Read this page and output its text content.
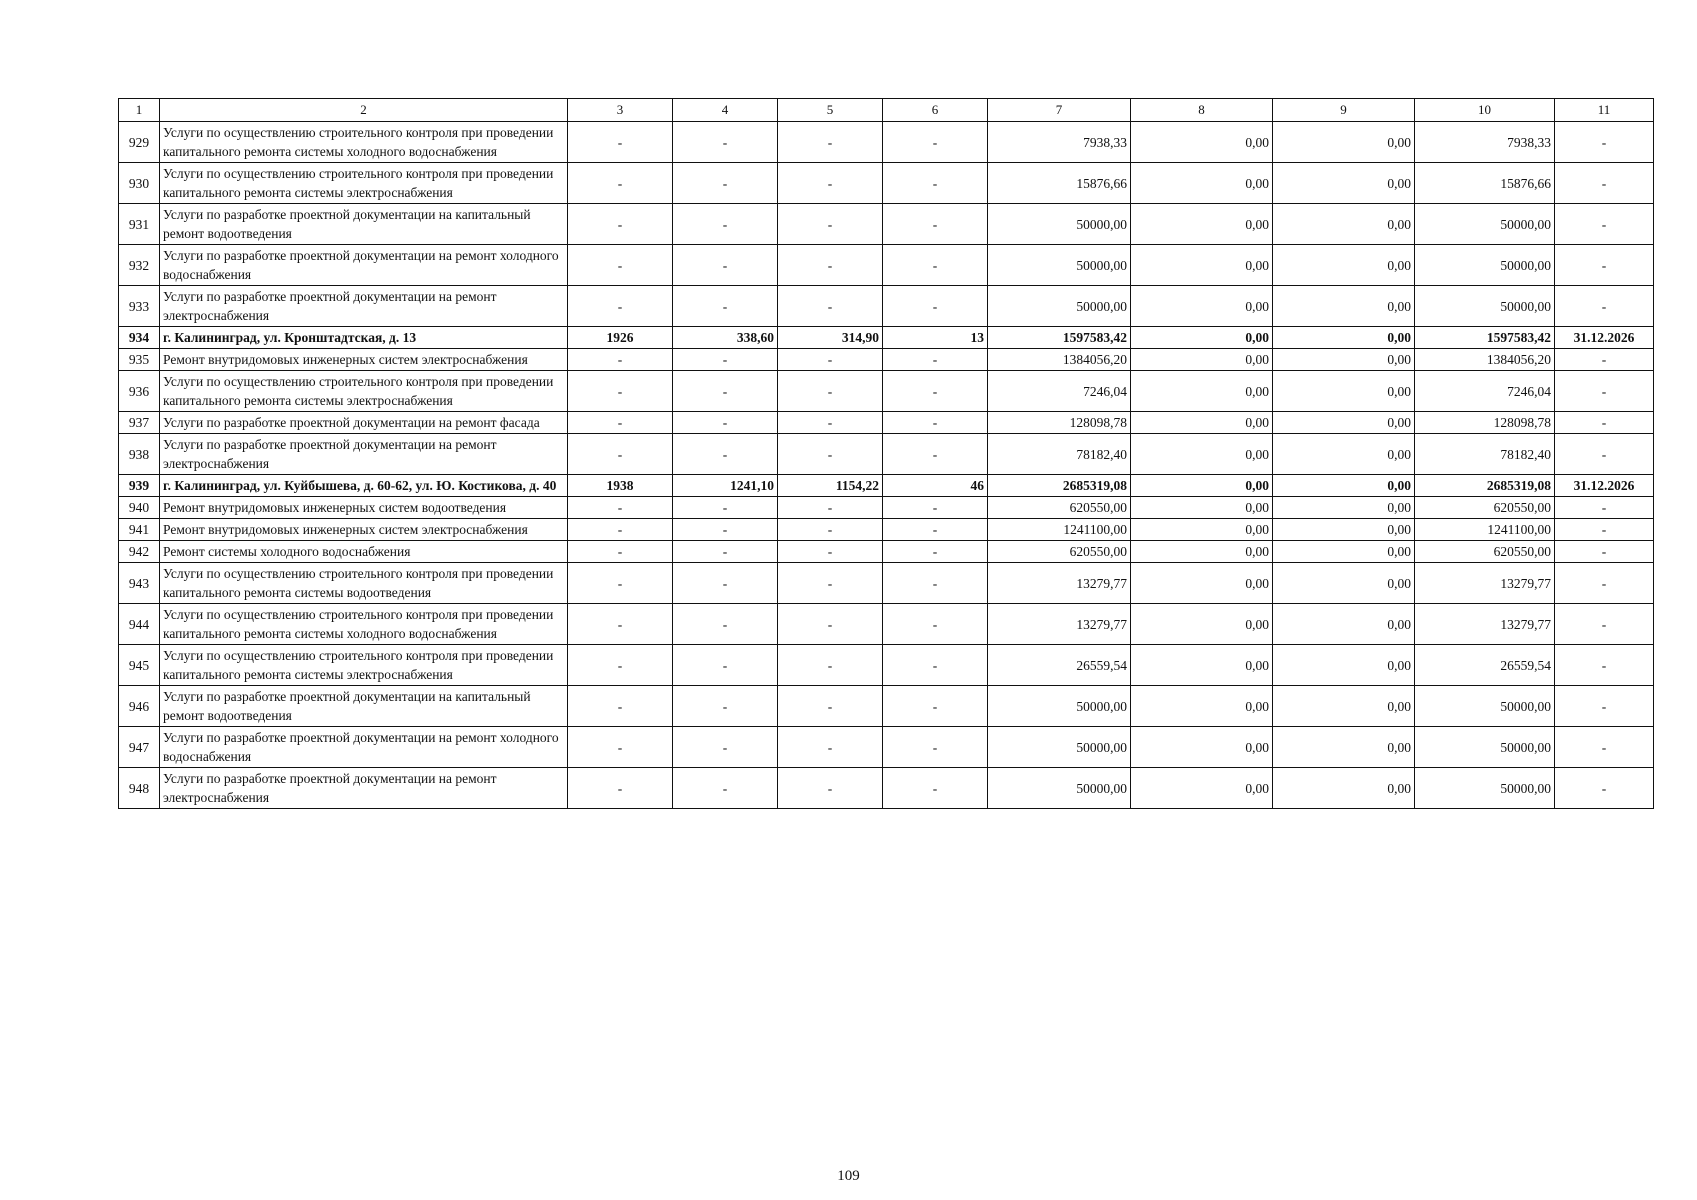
1	2	3	4	5	6	7	8	9	10	11
929	Услуги по осуществлению строительного контроля при проведении капитального ремонта системы холодного водоснабжения	-	-	-	-	7938,33	0,00	0,00	7938,33	-
930	Услуги по осуществлению строительного контроля при проведении капитального ремонта системы электроснабжения	-	-	-	-	15876,66	0,00	0,00	15876,66	-
931	Услуги по разработке проектной документации на капитальный ремонт водоотведения	-	-	-	-	50000,00	0,00	0,00	50000,00	-
932	Услуги по разработке проектной документации на ремонт холодного водоснабжения	-	-	-	-	50000,00	0,00	0,00	50000,00	-
933	Услуги по разработке проектной документации на ремонт электроснабжения	-	-	-	-	50000,00	0,00	0,00	50000,00	-
934	г. Калининград, ул. Кронштадтская, д. 13	1926	338,60	314,90	13	1597583,42	0,00	0,00	1597583,42	31.12.2026
935	Ремонт внутридомовых инженерных систем электроснабжения	-	-	-	-	1384056,20	0,00	0,00	1384056,20	-
936	Услуги по осуществлению строительного контроля при проведении капитального ремонта системы электроснабжения	-	-	-	-	7246,04	0,00	0,00	7246,04	-
937	Услуги по разработке проектной документации на ремонт фасада	-	-	-	-	128098,78	0,00	0,00	128098,78	-
938	Услуги по разработке проектной документации на ремонт электроснабжения	-	-	-	-	78182,40	0,00	0,00	78182,40	-
939	г. Калининград, ул. Куйбышева, д. 60-62, ул. Ю. Костикова, д. 40	1938	1241,10	1154,22	46	2685319,08	0,00	0,00	2685319,08	31.12.2026
940	Ремонт внутридомовых инженерных систем водоотведения	-	-	-	-	620550,00	0,00	0,00	620550,00	-
941	Ремонт внутридомовых инженерных систем электроснабжения	-	-	-	-	1241100,00	0,00	0,00	1241100,00	-
942	Ремонт системы холодного водоснабжения	-	-	-	-	620550,00	0,00	0,00	620550,00	-
943	Услуги по осуществлению строительного контроля при проведении капитального ремонта системы водоотведения	-	-	-	-	13279,77	0,00	0,00	13279,77	-
944	Услуги по осуществлению строительного контроля при проведении капитального ремонта системы холодного водоснабжения	-	-	-	-	13279,77	0,00	0,00	13279,77	-
945	Услуги по осуществлению строительного контроля при проведении капитального ремонта системы электроснабжения	-	-	-	-	26559,54	0,00	0,00	26559,54	-
946	Услуги по разработке проектной документации на капитальный ремонт водоотведения	-	-	-	-	50000,00	0,00	0,00	50000,00	-
947	Услуги по разработке проектной документации на ремонт холодного водоснабжения	-	-	-	-	50000,00	0,00	0,00	50000,00	-
948	Услуги по разработке проектной документации на ремонт электроснабжения	-	-	-	-	50000,00	0,00	0,00	50000,00	-
109
